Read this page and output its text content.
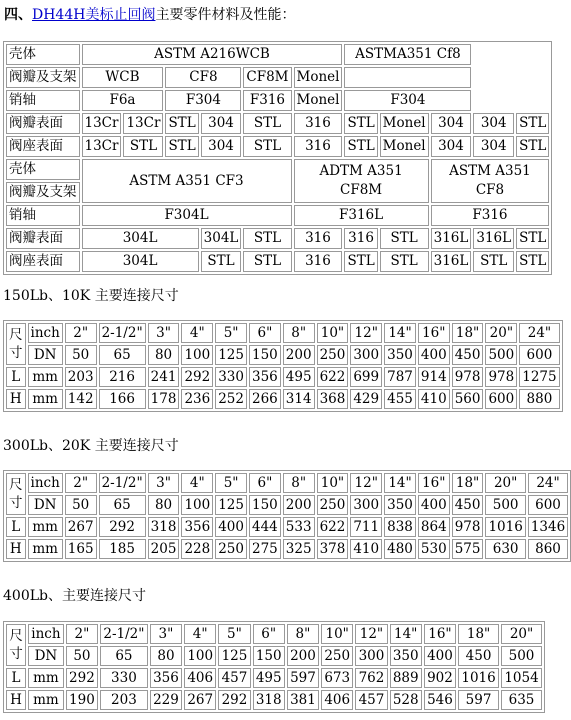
四、DH44H美标止回阀主要零件材料及性能：
壳体	ASTM A216WCB						ASTMA351 Cf8				
阀瓣及支架	WCB		CF8		CF8M	Monel					
销轴	F6a		F304		F316	Monel	F304				
阀瓣表面	13Cr	13Cr	STL	304	STL	316	STL	Monel	304	304	STL
阀座表面	13Cr	STL	STL	304	STL	316	STL	Monel	304	304	STL
壳体	ASTM A351 CF3					ADTM A351 CF8M			ASTM A351 CF8		
阀瓣及支架											
销轴	F304L					F316L			F316		
阀瓣表面	304L			304L	STL	316	316	STL	316L	316L	STL
阀座表面	304L			STL	STL	316	STL	STL	316L	STL	STL
150Lb、10K 主要连接尺寸
尺寸	inch	2"	2-1/2"	3"	4"	5"	6"	8"	10"	12"	14"	16"	18"	20"	24"
	DN	50	65	80	100	125	150	200	250	300	350	400	450	500	600
L	mm	203	216	241	292	330	356	495	622	699	787	914	978	978	1275
H	mm	142	166	178	236	252	266	314	368	429	455	410	560	600	880
300Lb、20K 主要连接尺寸
尺寸	inch	2"	2-1/2"	3"	4"	5"	6"	8"	10"	12"	14"	16"	18"	20"	24"
	DN	50	65	80	100	125	150	200	250	300	350	400	450	500	600
L	mm	267	292	318	356	400	444	533	622	711	838	864	978	1016	1346
H	mm	165	185	205	228	250	275	325	378	410	480	530	575	630	860
400Lb、主要连接尺寸
尺寸	inch	2"	2-1/2"	3"	4"	5"	6"	8"	10"	12"	14"	16"	18"	20"
	DN	50	65	80	100	125	150	200	250	300	350	400	450	500
L	mm	292	330	356	406	457	495	597	673	762	889	902	1016	1054
H	mm	190	203	229	267	292	318	381	406	457	528	546	597	635
